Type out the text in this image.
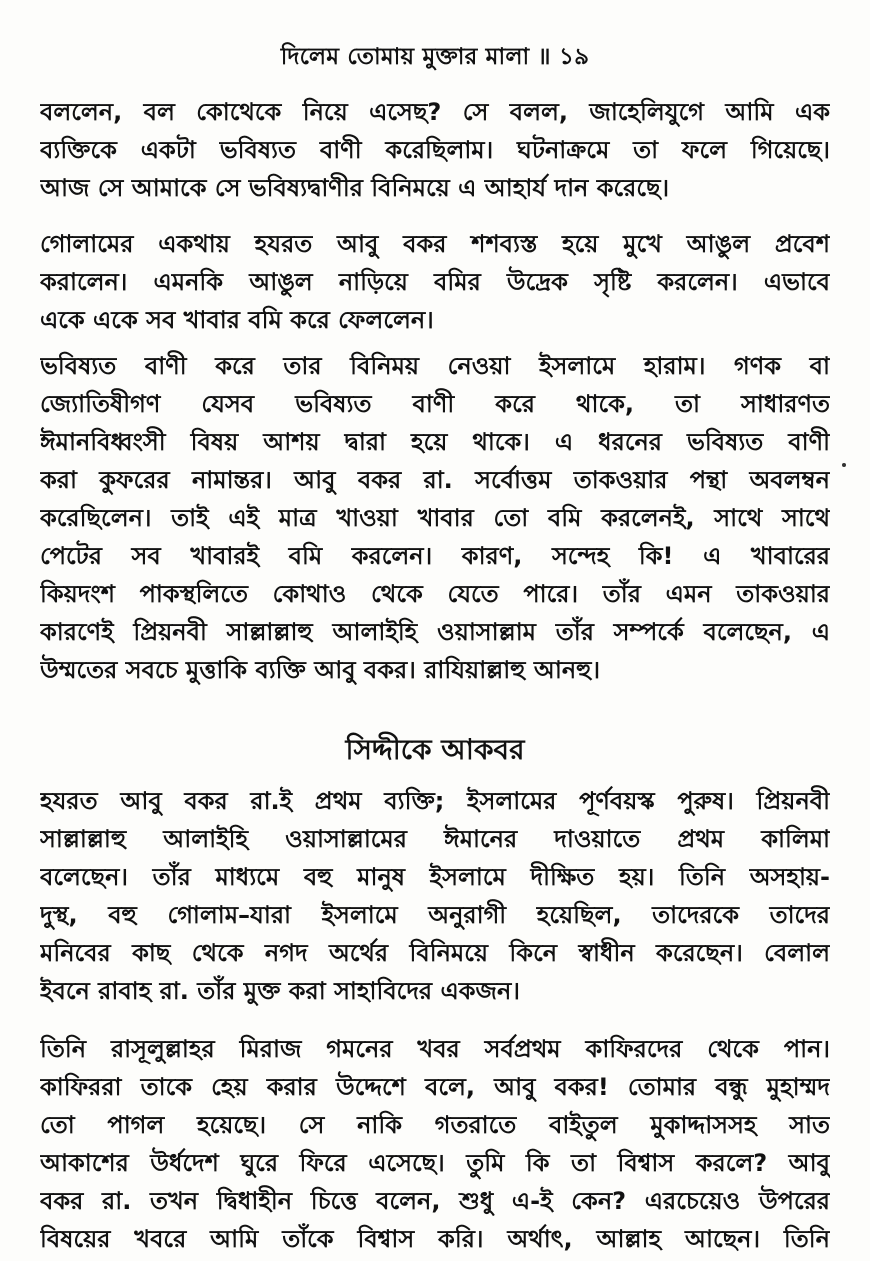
দিলেম তোমায় মুক্তার মালা ॥ ১৯
বললেন, বল কোথেকে নিয়ে এসেছ? সে বলল, জাহেলিযুগে আমি এক
ব্যক্তিকে একটা ভবিষ্যত বাণী করেছিলাম। ঘটনাক্রমে তা ফলে গিয়েছে।
আজ সে আমাকে সে ভবিষ্যদ্বাণীর বিনিময়ে এ আহার্য দান করেছে।
গোলামের একথায় হযরত আবু বকর শশব্যস্ত হয়ে মুখে আঙুল প্রবেশ
করালেন। এমনকি আঙুল নাড়িয়ে বমির উদ্রেক সৃষ্টি করলেন। এভাবে
একে একে সব খাবার বমি করে ফেললেন।
ভবিষ্যত বাণী করে তার বিনিময় নেওয়া ইসলামে হারাম। গণক বা
জ্যোতিষীগণ যেসব ভবিষ্যত বাণী করে থাকে, তা সাধারণত
ঈমানবিধ্বংসী বিষয় আশয় দ্বারা হয়ে থাকে। এ ধরনের ভবিষ্যত বাণী
করা কুফরের নামান্তর। আবু বকর রা. সর্বোত্তম তাকওয়ার পন্থা অবলম্বন
করেছিলেন। তাই এই মাত্র খাওয়া খাবার তো বমি করলেনই, সাথে সাথে
পেটের সব খাবারই বমি করলেন। কারণ, সন্দেহ কি! এ খাবারের
কিয়দংশ পাকস্থলিতে কোথাও থেকে যেতে পারে। তাঁর এমন তাকওয়ার
কারণেই প্রিয়নবী সাল্লাল্লাহু আলাইহি ওয়াসাল্লাম তাঁর সম্পর্কে বলেছেন, এ
উম্মতের সবচে মুত্তাকি ব্যক্তি আবু বকর। রাযিয়াল্লাহু আনহু।
সিদ্দীকে আকবর
হযরত আবু বকর রা.ই প্রথম ব্যক্তি; ইসলামের পূর্ণবয়স্ক পুরুষ। প্রিয়নবী
সাল্লাল্লাহু আলাইহি ওয়াসাল্লামের ঈমানের দাওয়াতে প্রথম কালিমা
বলেছেন। তাঁর মাধ্যমে বহু মানুষ ইসলামে দীক্ষিত হয়। তিনি অসহায়-
দুস্থ, বহু গোলাম–যারা ইসলামে অনুরাগী হয়েছিল, তাদেরকে তাদের
মনিবের কাছ থেকে নগদ অর্থের বিনিময়ে কিনে স্বাধীন করেছেন। বেলাল
ইবনে রাবাহ রা. তাঁর মুক্ত করা সাহাবিদের একজন।
তিনি রাসূলুল্লাহর মিরাজ গমনের খবর সর্বপ্রথম কাফিরদের থেকে পান।
কাফিররা তাকে হেয় করার উদ্দেশে বলে, আবু বকর! তোমার বন্ধু মুহাম্মদ
তো পাগল হয়েছে। সে নাকি গতরাতে বাইতুল মুকাদ্দাসসহ সাত
আকাশের উর্ধদেশ ঘুরে ফিরে এসেছে। তুমি কি তা বিশ্বাস করলে? আবু
বকর রা. তখন দ্বিধাহীন চিত্তে বলেন, শুধু এ-ই কেন? এরচেয়েও উপরের
বিষয়ের খবরে আমি তাঁকে বিশ্বাস করি। অর্থাৎ, আল্লাহ আছেন। তিনি
